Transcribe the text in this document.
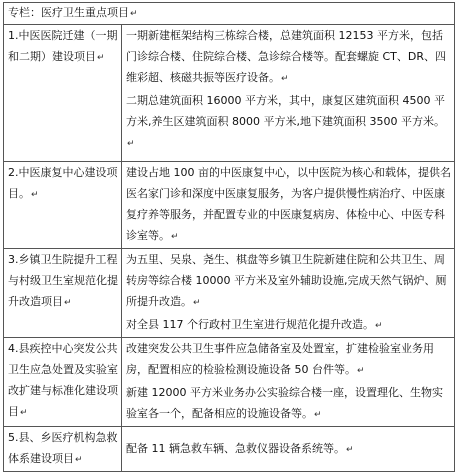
专栏：医疗卫生重点项目↵	
1.中医医院迁建（一期和二期）建设项目↵	一期新建框架结构三栋综合楼，总建筑面积 12153 平方米，包括门诊综合楼、住院综合楼、急诊综合楼等。配套螺旋 CT、DR、四维彩超、核磁共振等医疗设备。↵
二期总建筑面积 16000 平方米，其中，康复区建筑面积 4500 平方米,养生区建筑面积 8000 平方米,地下建筑面积 3500 平方米。↵

2.中医康复中心建设项目。↵	建设占地 100 亩的中医康复中心，以中医院为核心和载体，提供名医名家门诊和深度中医康复服务，为客户提供慢性病治疗、中医康复疗养等服务，并配置专业的中医康复病房、体检中心、中医专科诊室等。↵

3.乡镇卫生院提升工程与村级卫生室规范化提升改造项目↵	为五里、吴泉、尧生、棋盘等乡镇卫生院新建住院和公共卫生、周转房等综合楼 10000 平方米及室外辅助设施,完成天然气锅炉、厕所提升改造。↵
对全县 117 个行政村卫生室进行规范化提升改造。↵

4.县疾控中心突发公共卫生应急处置及实验室改扩建与标准化建设项目↵	改建突发公共卫生事件应急储备室及处置室，扩建检验室业务用房，配置相应的检验检测设施设备 50 台件等。↵
新建 12000 平方米业务办公实验综合楼一座，设置理化、生物实验室各一个，配备相应的设施设备等。↵

5.县、乡医疗机构急救体系建设项目↵	配备 11 辆急救车辆、急救仪器设备系统等。↵
